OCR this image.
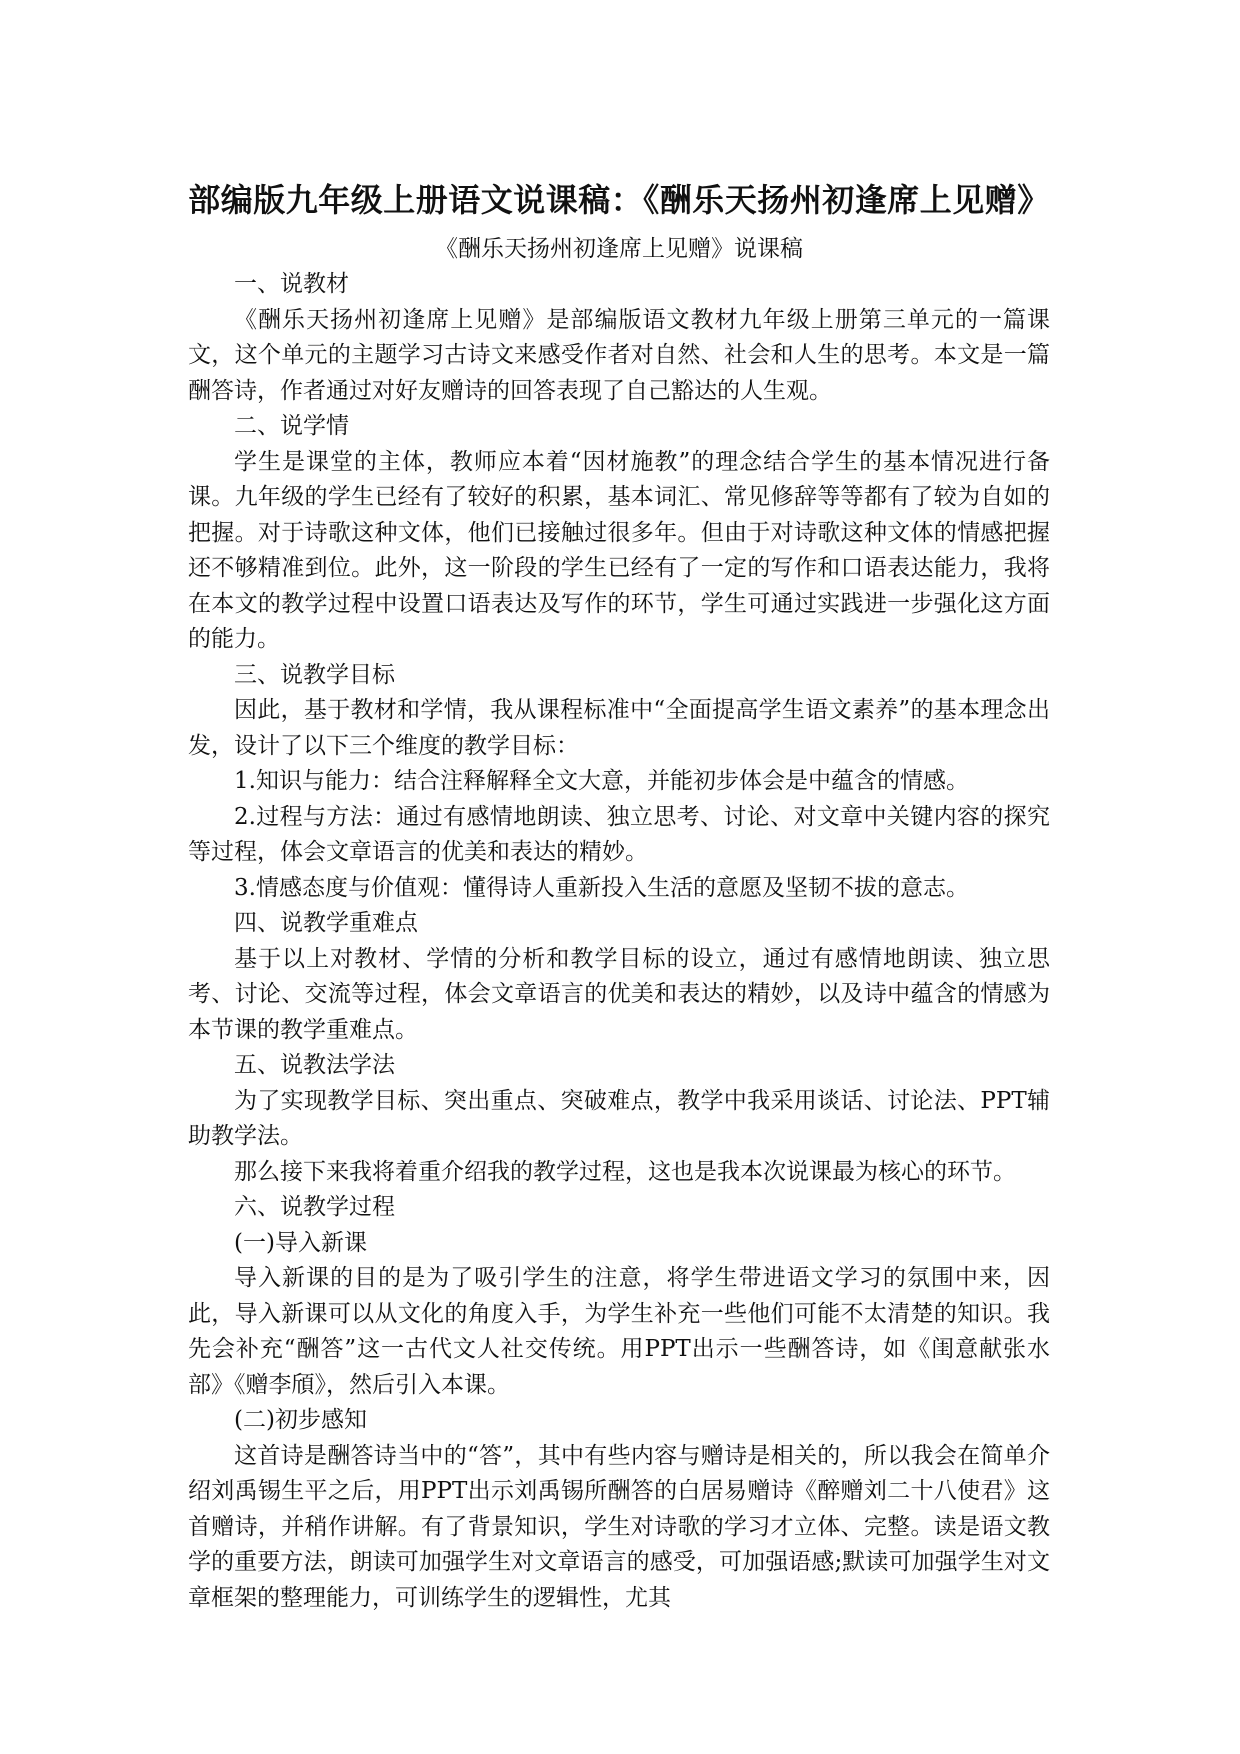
部编版九年级上册语文说课稿：《酬乐天扬州初逢席上见赠》

《酬乐天扬州初逢席上见赠》说课稿

一、说教材

《酬乐天扬州初逢席上见赠》是部编版语文教材九年级上册第三单元的一篇课文，这个单元的主题学习古诗文来感受作者对自然、社会和人生的思考。本文是一篇酬答诗，作者通过对好友赠诗的回答表现了自己豁达的人生观。

二、说学情

学生是课堂的主体，教师应本着“因材施教”的理念结合学生的基本情况进行备课。九年级的学生已经有了较好的积累，基本词汇、常见修辞等等都有了较为自如的把握。对于诗歌这种文体，他们已接触过很多年。但由于对诗歌这种文体的情感把握还不够精准到位。此外，这一阶段的学生已经有了一定的写作和口语表达能力，我将在本文的教学过程中设置口语表达及写作的环节，学生可通过实践进一步强化这方面的能力。

三、说教学目标

因此，基于教材和学情，我从课程标准中“全面提高学生语文素养”的基本理念出发，设计了以下三个维度的教学目标：

1.知识与能力：结合注释解释全文大意，并能初步体会是中蕴含的情感。

2.过程与方法：通过有感情地朗读、独立思考、讨论、对文章中关键内容的探究等过程，体会文章语言的优美和表达的精妙。

3.情感态度与价值观：懂得诗人重新投入生活的意愿及坚韧不拔的意志。

四、说教学重难点

基于以上对教材、学情的分析和教学目标的设立，通过有感情地朗读、独立思考、讨论、交流等过程，体会文章语言的优美和表达的精妙，以及诗中蕴含的情感为本节课的教学重难点。

五、说教法学法

为了实现教学目标、突出重点、突破难点，教学中我采用谈话、讨论法、PPT辅助教学法。

那么接下来我将着重介绍我的教学过程，这也是我本次说课最为核心的环节。

六、说教学过程

(一)导入新课

导入新课的目的是为了吸引学生的注意，将学生带进语文学习的氛围中来，因此，导入新课可以从文化的角度入手，为学生补充一些他们可能不太清楚的知识。我先会补充“酬答”这一古代文人社交传统。用PPT出示一些酬答诗，如《闺意献张水部》《赠李頎》，然后引入本课。

(二)初步感知

这首诗是酬答诗当中的“答”，其中有些内容与赠诗是相关的，所以我会在简单介绍刘禹锡生平之后，用PPT出示刘禹锡所酬答的白居易赠诗《醉赠刘二十八使君》这首赠诗，并稍作讲解。有了背景知识，学生对诗歌的学习才立体、完整。读是语文教学的重要方法，朗读可加强学生对文章语言的感受，可加强语感;默读可加强学生对文章框架的整理能力，可训练学生的逻辑性，尤其
